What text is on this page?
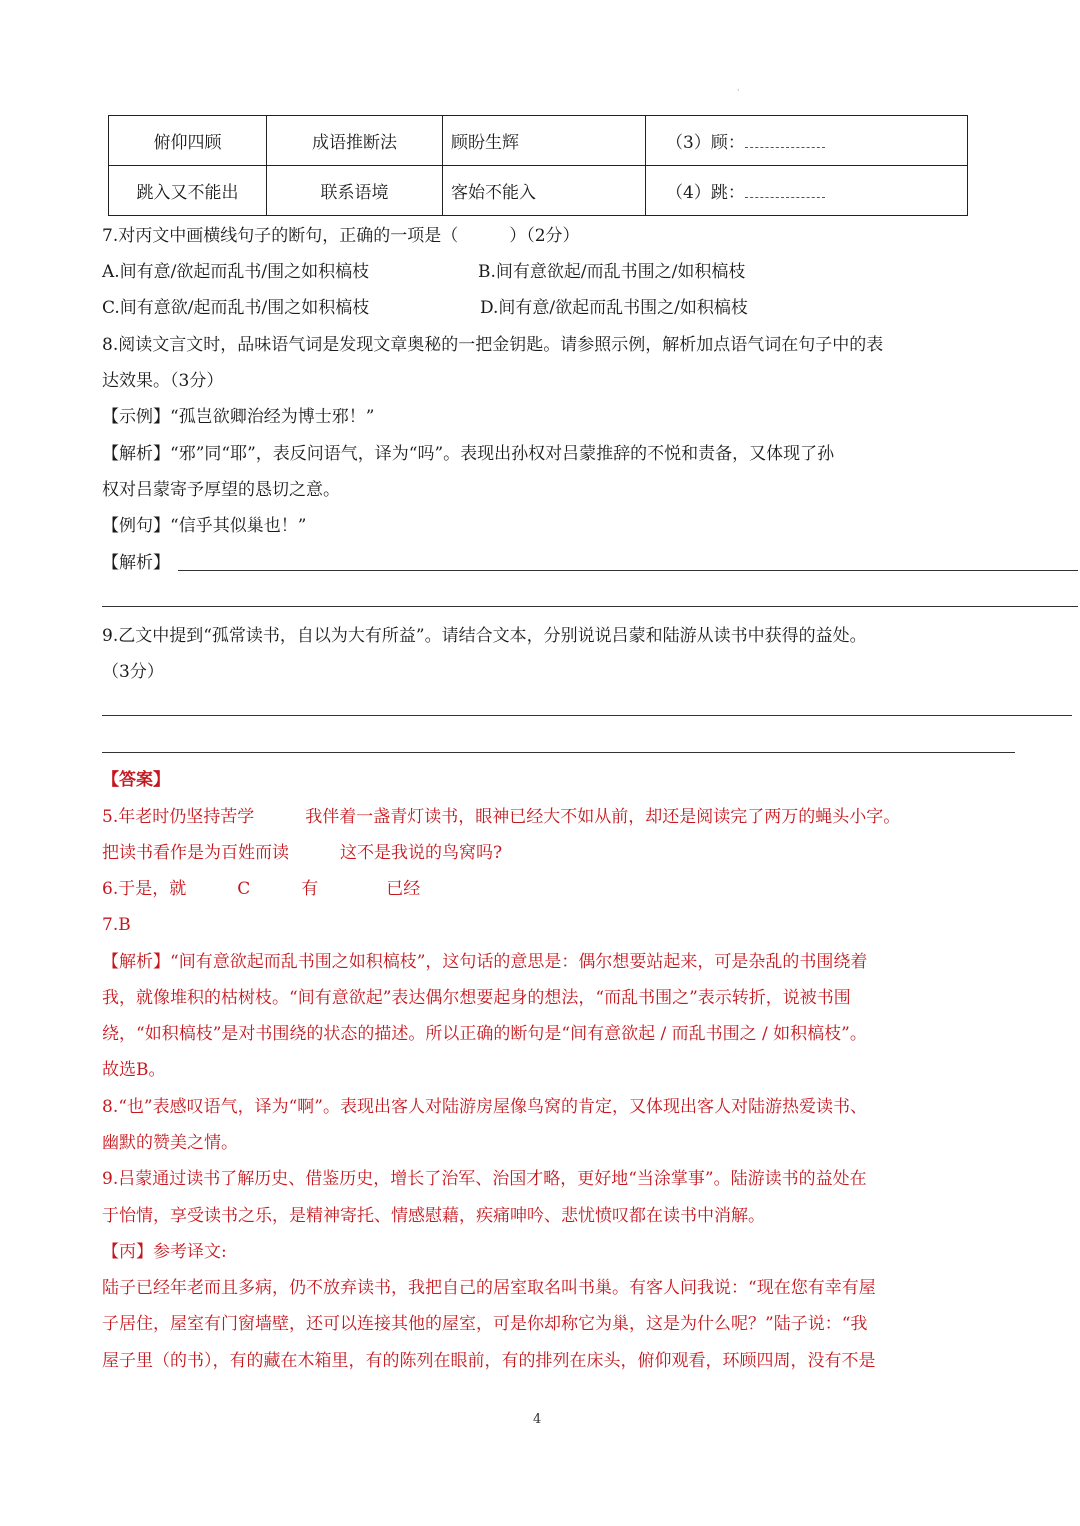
·
俯仰四顾	成语推断法	顾盼生辉	（3）顾：
跳入又不能出	联系语境	客始不能入	（4）跳：
7.对丙文中画横线句子的断句，正确的一项是（　　　）（2分）
A.间有意/欲起而乱书/围之如积槁枝	B.间有意欲起/而乱书围之/如积槁枝
C.间有意欲/起而乱书/围之如积槁枝	D.间有意/欲起而乱书围之/如积槁枝
8.阅读文言文时，品味语气词是发现文章奥秘的一把金钥匙。请参照示例，解析加点语气词在句子中的表
达效果。（3分）
【示例】“孤岂欲卿治经为博士邪！”
【解析】“邪”同“耶”，表反问语气，译为“吗”。表现出孙权对吕蒙推辞的不悦和责备，又体现了孙
权对吕蒙寄予厚望的恳切之意。
【例句】“信乎其似巢也！”
【解析】
9.乙文中提到“孤常读书，自以为大有所益”。请结合文本，分别说说吕蒙和陆游从读书中获得的益处。
（3分）
【答案】
5.年老时仍坚持苦学　　　我伴着一盏青灯读书，眼神已经大不如从前，却还是阅读完了两万的蝇头小字。
把读书看作是为百姓而读　　　这不是我说的鸟窝吗?
6.于是，就　　　C　　　有　　　　已经
7.B
【解析】“间有意欲起而乱书围之如积槁枝”，这句话的意思是：偶尔想要站起来，可是杂乱的书围绕着
我，就像堆积的枯树枝。“间有意欲起”表达偶尔想要起身的想法，“而乱书围之”表示转折，说被书围
绕，“如积槁枝”是对书围绕的状态的描述。所以正确的断句是“间有意欲起 / 而乱书围之 / 如积槁枝”。
故选B。
8.“也”表感叹语气，译为“啊”。表现出客人对陆游房屋像鸟窝的肯定，又体现出客人对陆游热爱读书、
幽默的赞美之情。
9.吕蒙通过读书了解历史、借鉴历史，增长了治军、治国才略，更好地“当涂掌事”。陆游读书的益处在
于怡情，享受读书之乐，是精神寄托、情感慰藉，疾痛呻吟、悲忧愤叹都在读书中消解。
【丙】参考译文:
陆子已经年老而且多病，仍不放弃读书，我把自己的居室取名叫书巢。有客人问我说：“现在您有幸有屋
子居住，屋室有门窗墙壁，还可以连接其他的屋室，可是你却称它为巢，这是为什么呢？”陆子说：“我
屋子里（的书），有的藏在木箱里，有的陈列在眼前，有的排列在床头，俯仰观看，环顾四周，没有不是
4
